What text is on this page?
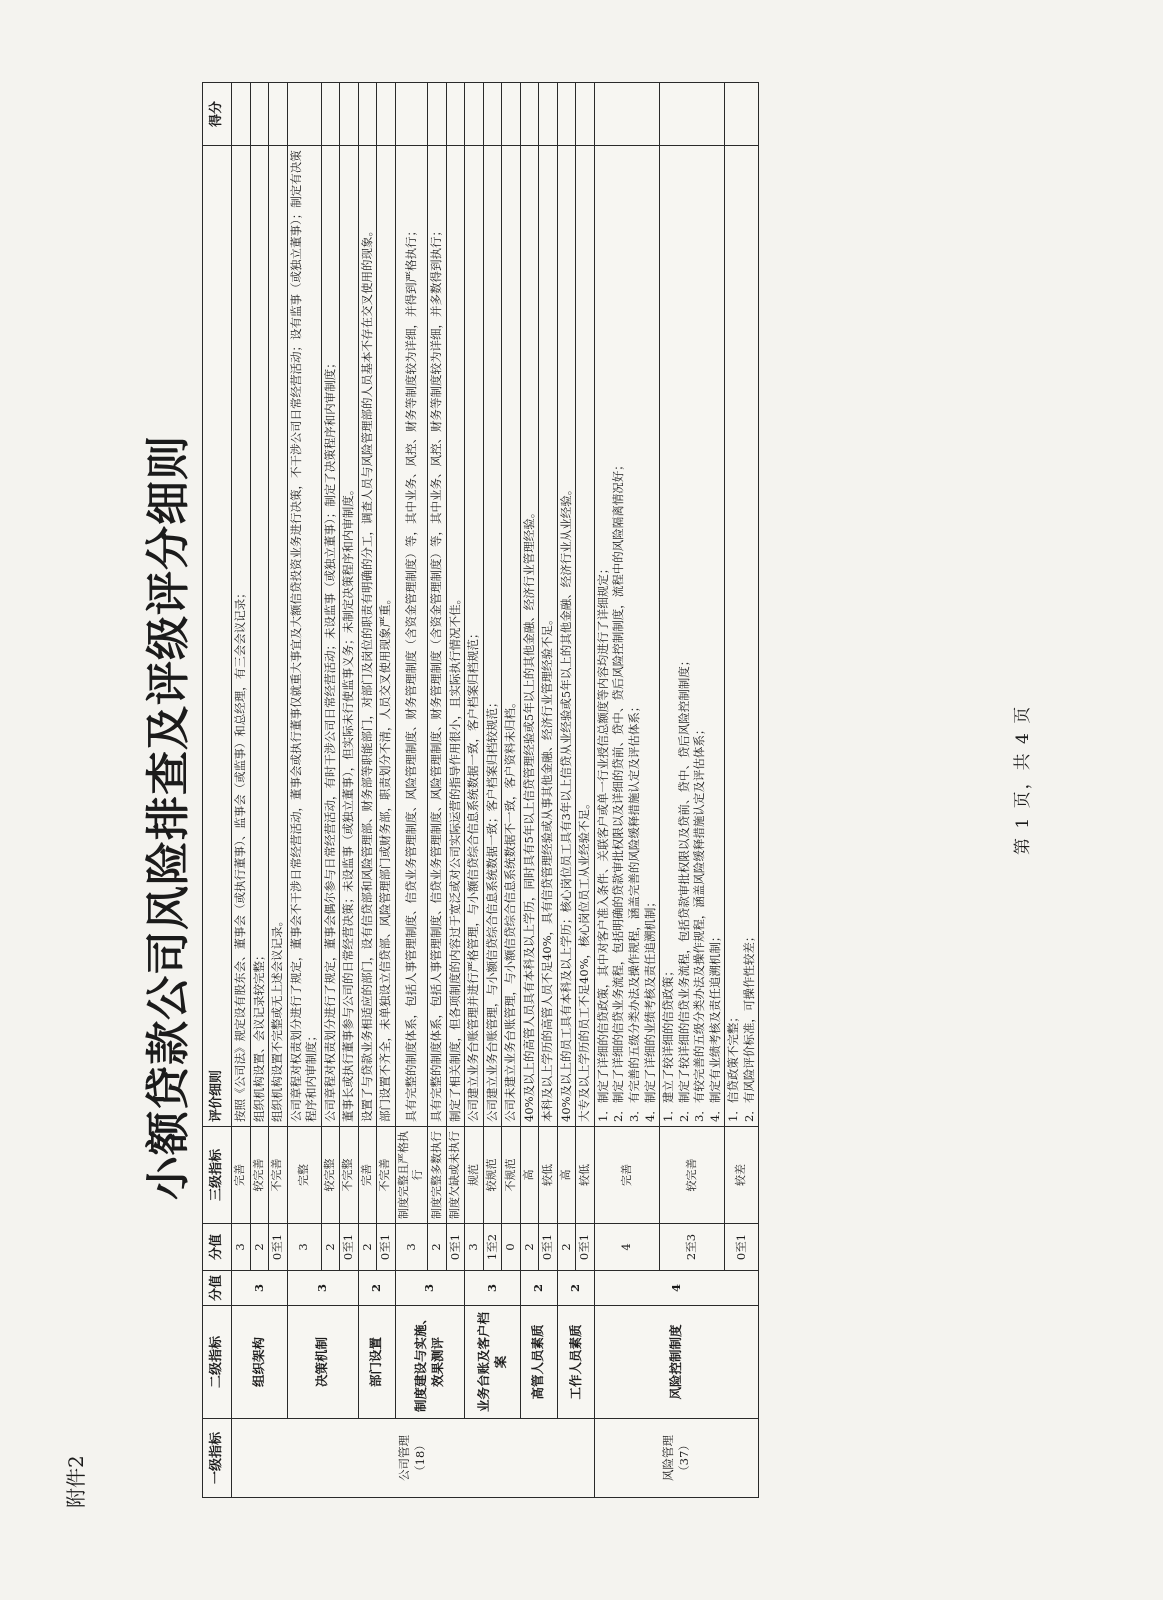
附件2
小额贷款公司风险排查及评级评分细则
一级指标	二级指标	分值	分值	三级指标	评价细则	得分
公司管理（18）	组织架构	3	3	完善	按照《公司法》规定设有股东会、董事会（或执行董事）、监事会（或监事）和总经理，有三会会议记录；	

			2	较完善	组织机构设置、会议记录较完整；	

			0至1	不完善	组织机构设置不完整或无上述会议记录。	

	决策机制	3	3	完整	公司章程对权责划分进行了规定，董事会不干涉日常经营活动，董事会或执行董事仅就重大事宜及大额信贷投资业务进行决策，不干涉公司日常经营活动；设有监事（或独立董事）；制定有决策程序和内审制度；	

			2	较完整	公司章程对权责划分进行了规定，董事会偶尔参与日常经营活动，有时干涉公司日常经营活动；未设监事（或独立董事）；制定了决策程序和内审制度；	

			0至1	不完整	董事长或执行董事参与公司的日常经营决策；未设监事（或独立董事），但实际未行使监事义务；未制定决策程序和内审制度。	

	部门设置	2	2	完善	设置了与贷款业务相适应的部门，设有信贷部和风险管理部、财务部等职能部门，对部门及岗位的职责有明确的分工，调查人员与风险管理部的人员基本不存在交叉使用的现象。	

			0至1	不完善	部门设置不齐全，未单独设立信贷部、风险管理部门或财务部，职责划分不清，人员交叉使用现象严重。	

	制度建设与实施、效果测评	3	3	制度完整且严格执行	具有完整的制度体系，包括人事管理制度、信贷业务管理制度、风险管理制度、财务管理制度（含资金管理制度）等，其中业务、风控、财务等制度较为详细，并得到严格执行；	

			2	制度完整多数执行	具有完整的制度体系，包括人事管理制度、信贷业务管理制度、风险管理制度、财务管理制度（含资金管理制度）等，其中业务、风控、财务等制度较为详细，并多数得到执行；	

			0至1	制度欠缺或未执行	制定了相关制度，但各项制度的内容过于宽泛或对公司实际运营的指导作用很小，且实际执行情况不佳。	

	业务台账及客户档案	3	3	规范	公司建立业务台账管理并进行严格管理，与小额信贷综合信息系统数据一致，客户档案归档规范；	

			1至2	较规范	公司建立业务台账管理，与小额信贷综合信息系统数据一致；客户档案归档较规范；	

			0	不规范	公司未建立业务台账管理，与小额信贷综合信息系统数据不一致，客户资料未归档。	

	高管人员素质	2	2	高	40%及以上的高管人员具有本科及以上学历，同时具有5年以上信贷管理经验或5年以上的其他金融、经济行业管理经验。	

			0至1	较低	本科及以上学历的高管人员不足40%，具有信贷管理经验或从事其他金融、经济行业管理经验不足。	

	工作人员素质	2	2	高	40%及以上的员工具有本科及以上学历；核心岗位员工具有3年以上信贷从业经验或5年以上的其他金融、经济行业从业经验。	

			0至1	较低	大专及以上学历的员工不足40%，核心岗位员工从业经验不足。	

风险管理（37）	风险控制制度	4	4	完善	1．制定了详细的信贷政策，其中对客户准入条件、关联客户或单一行业授信总额度等内容均进行了详细规定； 2．制定了详细的信贷业务流程，包括明确的贷款审批权限以及详细的贷前、贷中、贷后风险控制制度，流程中的风险隔离情况好； 3．有完善的五级分类办法及操作规程，涵盖完善的风险缓释措施认定及评估体系； 4．制定了详细的业绩考核及责任追溯机制；	

			2至3	较完善	1．建立了较详细的信贷政策； 2．制定了较详细的信贷业务流程，包括贷款审批权限以及贷前、贷中、贷后风险控制制度； 3．有较完善的五级分类办法及操作规程，涵盖风险缓释措施认定及评估体系； 4．制定有业绩考核及责任追溯机制；	

			0至1	较差	1．信贷政策不完整； 2．有风险评价标准，可操作性较差；	

第 1 页，共 4 页
